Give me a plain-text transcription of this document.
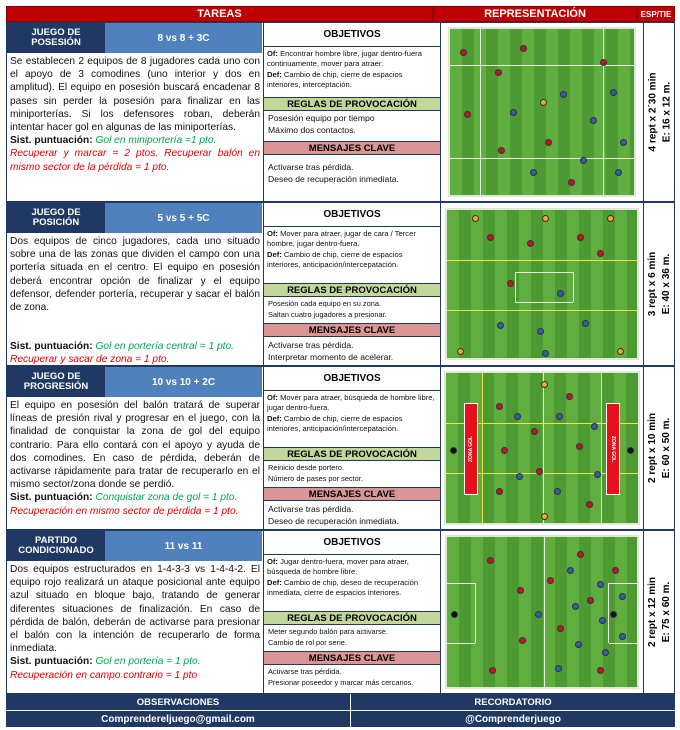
TAREAS	REPRESENTACIÓN	ESP/TIE
JUEGO DE POSESIÓN	8 vs 8 + 3C
Se establecen 2 equipos de 8 jugadores cada uno con el apoyo de 3 comodines (uno interior y dos en amplitud). El equipo en posesión buscará encadenar 8 pases sin perder la posesión para finalizar en las miniporterías. Si los defensores roban, deberán intentar hacer gol en algunas de las miniporterías.
Sist. puntuación: Gol en miniportería =1 pto.
Recuperar y marcar = 2 ptos. Recuperar balón en mismo sector de la pérdida = 1 pto.
OBJETIVOS
Of: Encontrar hombre libre, jugar dentro-fuera continuamente, mover para atraer.
Def: Cambio de chip, cierre de espacios interiores, interceptación.
REGLAS DE PROVOCACIÓN
Posesión equipo por tiempo
Máximo dos contactos.
MENSAJES CLAVE
Activarse tras pérdida.
Deseo de recuperación inmediata.
4 rept x 2´30 min E: 16 x 12 m.
JUEGO DE POSICIÓN	5 vs 5 + 5C
Dos equipos de cinco jugadores, cada uno situado sobre una de las zonas que dividen el campo con una portería situada en el centro. El equipo en posesión deberá encontrar opción de finalizar y el equipo defensor, defender portería, recuperar y sacar el balón de zona.

Sist. puntuación: Gol en portería central = 1 pto.
Recuperar y sacar de zona = 1 pto.
OBJETIVOS
Of: Mover para atraer, jugar de cara / Tercer hombre, jugar dentro-fuera.
Def: Cambio de chip, cierre de espacios interiores, anticipación/intercepatación.
REGLAS DE PROVOCACIÓN
Posesión cada equipo en su zona.
Saltan cuatro jugadores a presionar.
MENSAJES CLAVE
Activarse tras pérdida.
Interpretar momento de acelerar.
3 rept x 6 min E: 40 x 36 m.
JUEGO DE PROGRESIÓN	10 vs 10 + 2C
El equipo en posesión del balón tratará de superar líneas de presión rival y progresar en el juego, con la finalidad de conquistar la zona de gol del equipo contrario. Para ello contará con el apoyo y ayuda de dos comodines. En caso de pérdida, deberán de activarse rápidamente para tratar de recuperarlo en el mismo sector/zona donde se perdió.
Sist. puntuación: Conquistar zona de gol = 1 pto.
Recuperación en mismo sector de pérdida = 1 pto.
OBJETIVOS
Of: Mover para atraer, búsqueda de hombre libre, jugar dentro-fuera.
Def: Cambio de chip, cierre de espacios interiores, anticipación/intercepatación.
REGLAS DE PROVOCACIÓN
Reinicio desde portero.
Número de pases por sector.
MENSAJES CLAVE
Activarse tras pérdida.
Deseo de recuperación inmediata.
ZONA GOL	ZONA GOL	2 rept x 10 min E: 60 x 50 m.
PARTIDO CONDICIONADO	11 vs 11
Dos equipos estructurados en 1-4-3-3 vs 1-4-4-2. El equipo rojo realizará un ataque posicional ante equipo azul situado en bloque bajo, tratando de generar diferentes situaciones de finalización. En caso de pérdida de balón, deberán de activarse para presionar el balón con la intención de recuperarlo de forma inmediata.
Sist. puntuación: Gol en portería = 1 pto.
Recuperación en campo contrario = 1 pto
OBJETIVOS
Of: Jugar dentro-fuera, mover para atraer, búsqueda de hombre libre.
Def: Cambio de chip, deseo de recuperación inmediata, cierre de espacios interiores.
REGLAS DE PROVOCACIÓN
Meter segundo balón para activarse.
Cambio de rol por serie.
MENSAJES CLAVE
Activarse tras pérdida.
Presionar poseedor y marcar más cercanos.
2 rept x 12 min E: 75 x 60 m.
OBSERVACIONES	RECORDATORIO
Comprendereljuego@gmail.com	@Comprenderjuego
